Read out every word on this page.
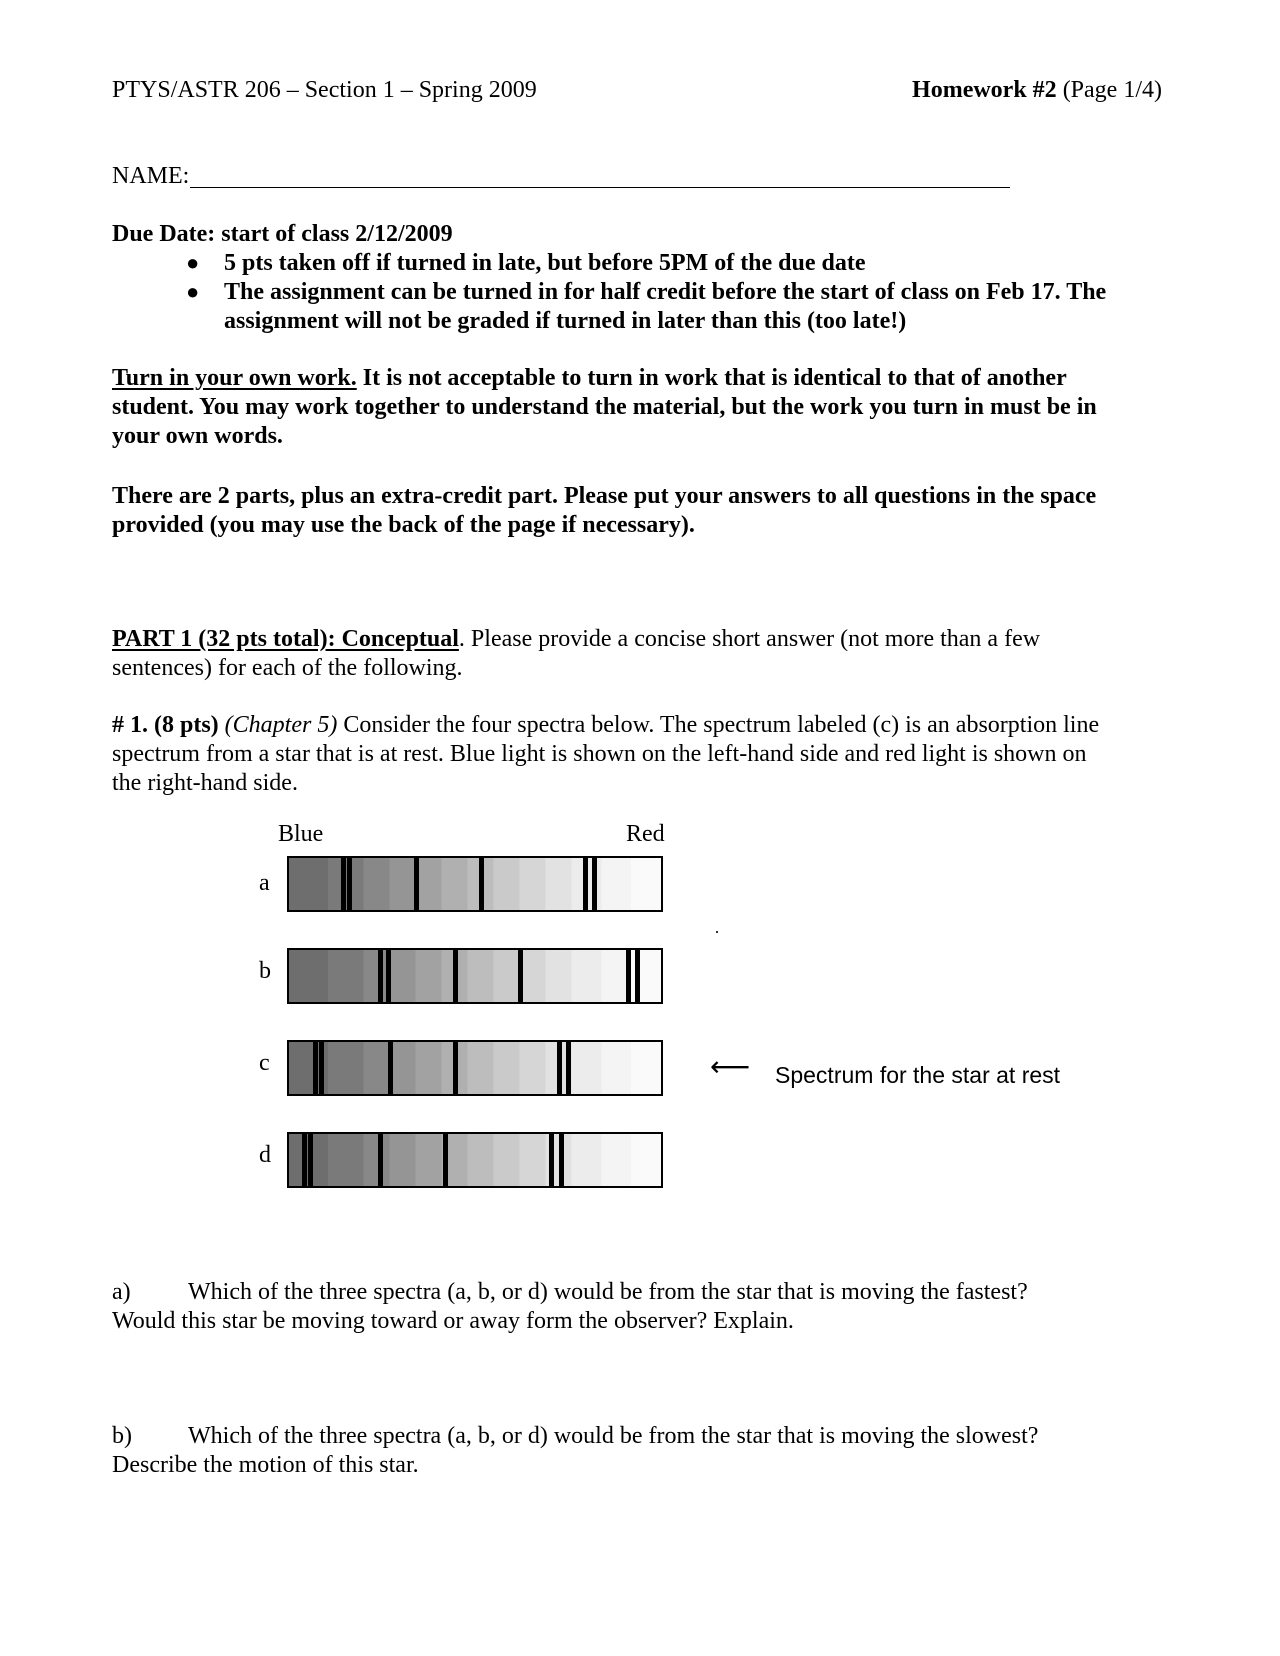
PTYS/ASTR 206 – Section 1 – Spring 2009	Homework #2 (Page 1/4)
NAME:
Due Date: start of class 2/12/2009
● 5 pts taken off if turned in late, but before 5PM of the due date
● The assignment can be turned in for half credit before the start of class on Feb 17. The
assignment will not be graded if turned in later than this (too late!)
Turn in your own work. It is not acceptable to turn in work that is identical to that of another
student. You may work together to understand the material, but the work you turn in must be in
your own words.
There are 2 parts, plus an extra-credit part. Please put your answers to all questions in the space
provided (you may use the back of the page if necessary).
PART 1 (32 pts total): Conceptual. Please provide a concise short answer (not more than a few
sentences) for each of the following.
# 1. (8 pts) (Chapter 5) Consider the four spectra below. The spectrum labeled (c) is an absorption line
spectrum from a star that is at rest. Blue light is shown on the left-hand side and red light is shown on
the right-hand side.
Blue	Red
a
b
c
d
⟵ Spectrum for the star at rest
a) Which of the three spectra (a, b, or d) would be from the star that is moving the fastest?
Would this star be moving toward or away form the observer? Explain.
b) Which of the three spectra (a, b, or d) would be from the star that is moving the slowest?
Describe the motion of this star.
